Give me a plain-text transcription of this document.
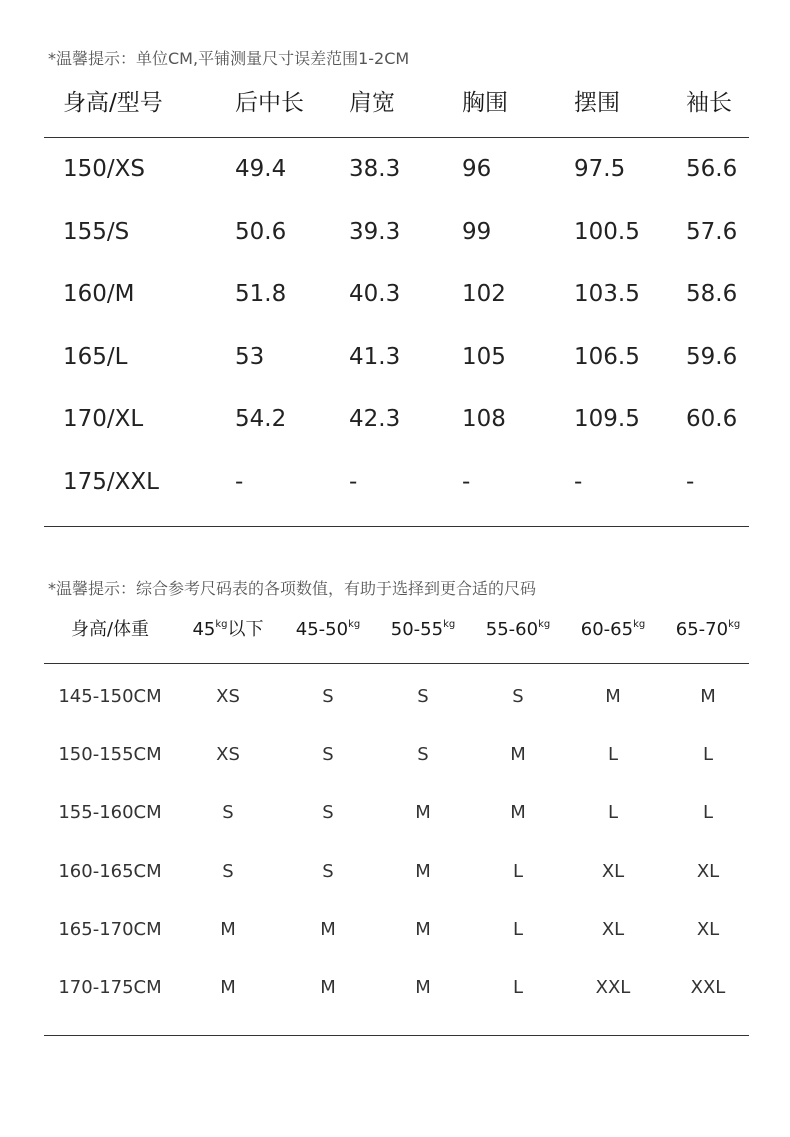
*温馨提示：单位CM,平铺测量尺寸误差范围1-2CM
身高/型号	后中长 肩宽	胸围	摆围	袖长
150/XS	49.4	38.3	96	97.5	56.6
155/S	50.6	39.3	99	100.5 57.6
160/M	51.8	40.3	102	103.5 58.6
165/L	53	41.3	105	106.5 59.6
170/XL	54.2	42.3	108	109.5 60.6
175/XXL	-	-	-	-	-
*温馨提示：综合参考尺码表的各项数值，有助于选择到更合适的尺码
身高/体重 $45^{kg}$以下 $45-50^{kg}$ $50-55^{kg}$ $55-60^{kg}$ $60-65^{kg}$ $65-70^{kg}$
145-150CM	XS	S	S	S	M	M
150-155CM	XS	S	S	M	L	L
155-160CM	S	S	M	M	L	L
160-165CM	S	S	M	L	XL	XL
165-170CM	M	M	M	L	XL	XL
170-175CM	M	M	M	L	XXL	XXL
